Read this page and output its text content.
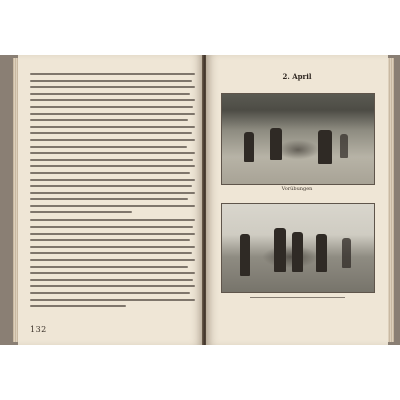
132
2. April
Vorübungen
